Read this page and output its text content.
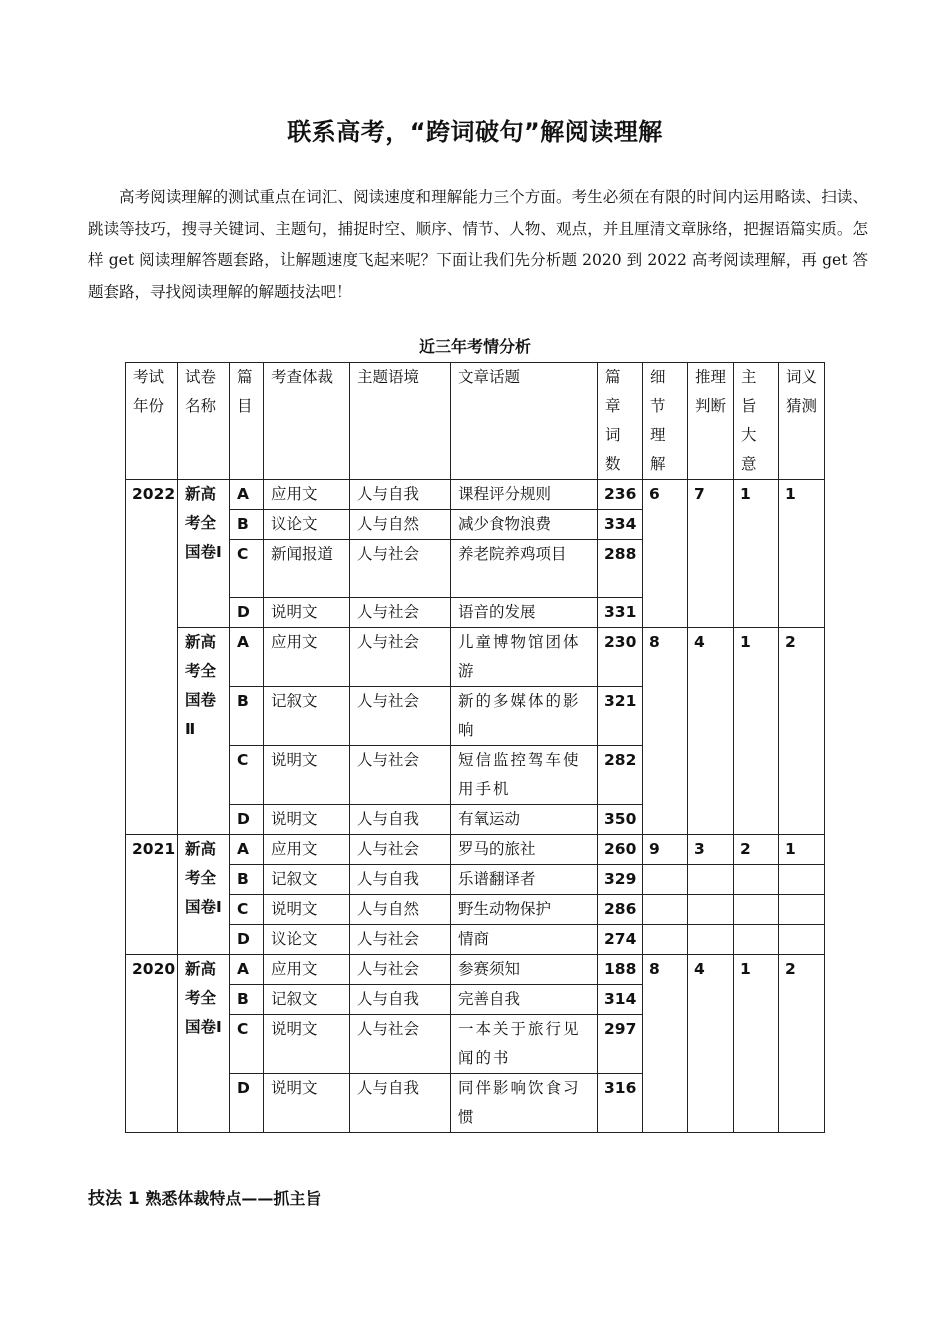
联系高考，“跨词破句”解阅读理解

高考阅读理解的测试重点在词汇、阅读速度和理解能力三个方面。考生必须在有限的时间内运用略读、扫读、跳读等技巧，搜寻关键词、主题句，捕捉时空、顺序、情节、人物、观点，并且厘清文章脉络，把握语篇实质。怎样 get 阅读理解答题套路，让解题速度飞起来呢？下面让我们先分析题 2020 到 2022 高考阅读理解，再 get 答题套路，寻找阅读理解的解题技法吧！

近三年考情分析
考试年份	试卷名称	篇目	考查体裁	主题语境	文章话题	篇章词数	细节理解	推理判断	主旨大意	词义猜测
2022	新高考全国卷Ⅰ	A	应用文	人与自我	课程评分规则	236	6	7	1	1
		B	议论文	人与自然	减少食物浪费	334				
		C	新闻报道	人与社会	养老院养鸡项目	288				
		D	说明文	人与社会	语音的发展	331				
	新高考全国卷Ⅱ	A	应用文	人与社会	儿童博物馆团体游	230	8	4	1	2
		B	记叙文	人与社会	新的多媒体的影响	321				
		C	说明文	人与社会	短信监控驾车使用手机	282				
		D	说明文	人与自我	有氧运动	350				
2021	新高考全国卷Ⅰ	A	应用文	人与社会	罗马的旅社	260	9	3	2	1
		B	记叙文	人与自我	乐谱翻译者	329				
		C	说明文	人与自然	野生动物保护	286				
		D	议论文	人与社会	情商	274				
2020	新高考全国卷Ⅰ	A	应用文	人与社会	参赛须知	188	8	4	1	2
		B	记叙文	人与自我	完善自我	314				
		C	说明文	人与社会	一本关于旅行见闻的书	297				
		D	说明文	人与自我	同伴影响饮食习惯	316				
技法 1 熟悉体裁特点——抓主旨
